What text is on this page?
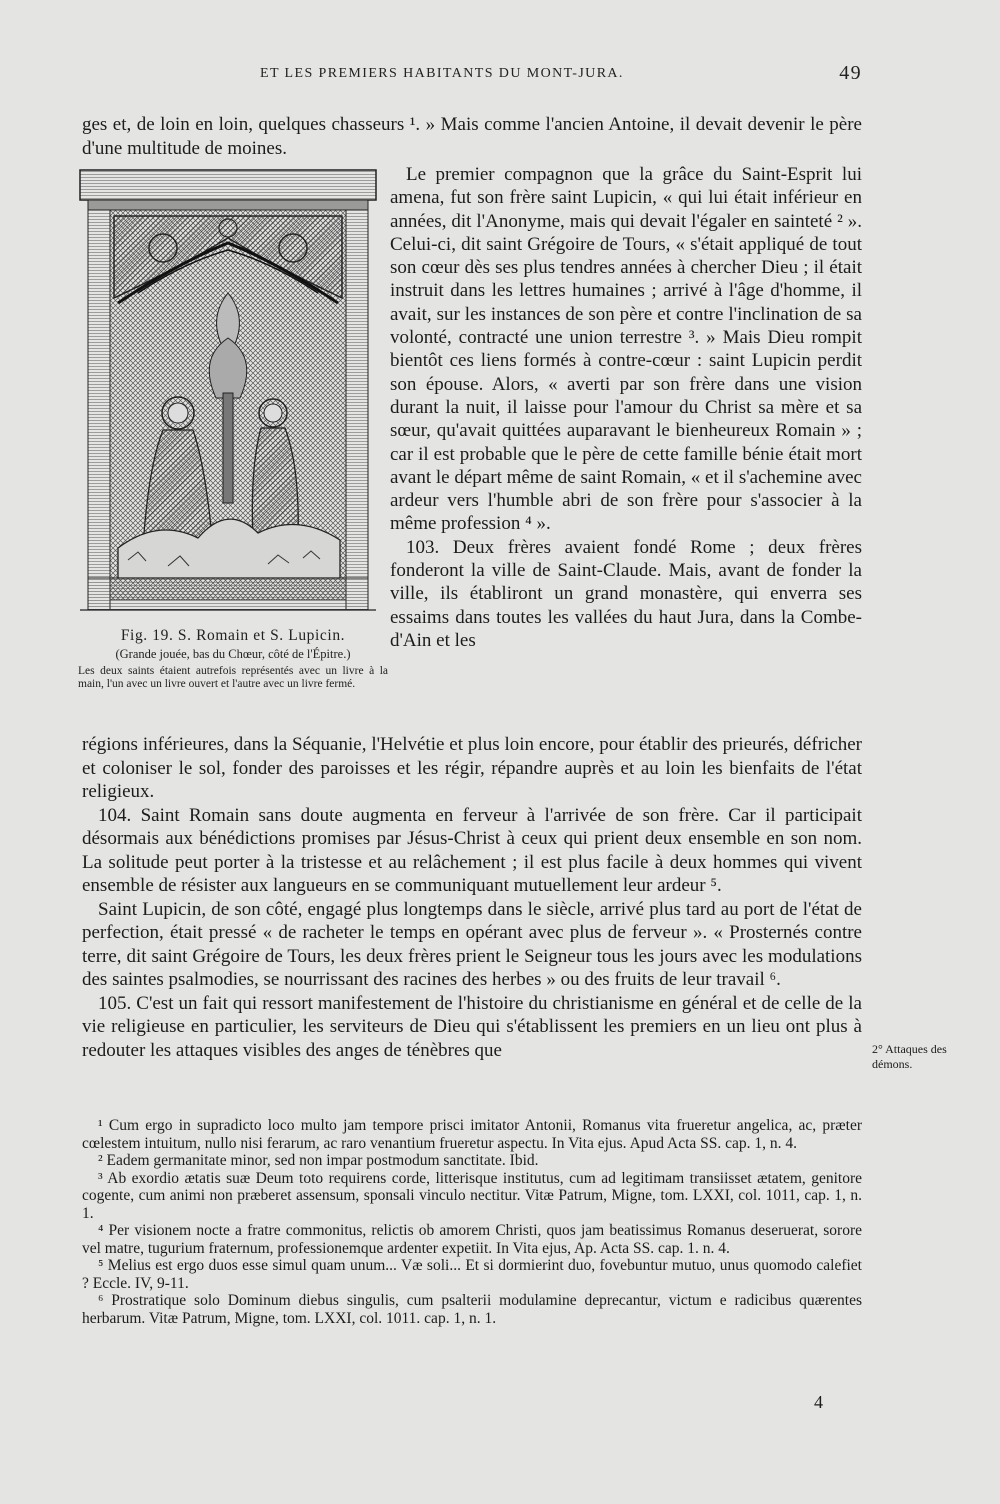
ET LES PREMIERS HABITANTS DU MONT-JURA.	49

ges et, de loin en loin, quelques chasseurs ¹. » Mais comme l'ancien Antoine, il devait devenir le père d'une multitude de moines.

Fig. 19. S. Romain et S. Lupicin.
(Grande jouée, bas du Chœur, côté de l'Épitre.)
Les deux saints étaient autrefois représentés avec un livre à la main, l'un avec un livre ouvert et l'autre avec un livre fermé.

Le premier compagnon que la grâce du Saint-Esprit lui amena, fut son frère saint Lupicin, « qui lui était inférieur en années, dit l'Anonyme, mais qui devait l'égaler en sainteté ² ». Celui-ci, dit saint Grégoire de Tours, « s'était appliqué de tout son cœur dès ses plus tendres années à chercher Dieu ; il était instruit dans les lettres humaines ; arrivé à l'âge d'homme, il avait, sur les instances de son père et contre l'inclination de sa volonté, contracté une union terrestre ³. » Mais Dieu rompit bientôt ces liens formés à contre-cœur : saint Lupicin perdit son épouse. Alors, « averti par son frère dans une vision durant la nuit, il laisse pour l'amour du Christ sa mère et sa sœur, qu'avait quittées auparavant le bienheureux Romain » ; car il est probable que le père de cette famille bénie était mort avant le départ même de saint Romain, « et il s'achemine avec ardeur vers l'humble abri de son frère pour s'associer à la même profession ⁴ ».

103. Deux frères avaient fondé Rome ; deux frères fonderont la ville de Saint-Claude. Mais, avant de fonder la ville, ils établiront un grand monastère, qui enverra ses essaims dans toutes les vallées du haut Jura, dans la Combe-d'Ain et les

régions inférieures, dans la Séquanie, l'Helvétie et plus loin encore, pour établir des prieurés, défricher et coloniser le sol, fonder des paroisses et les régir, répandre auprès et au loin les bienfaits de l'état religieux.

104. Saint Romain sans doute augmenta en ferveur à l'arrivée de son frère. Car il participait désormais aux bénédictions promises par Jésus-Christ à ceux qui prient deux ensemble en son nom. La solitude peut porter à la tristesse et au relâchement ; il est plus facile à deux hommes qui vivent ensemble de résister aux langueurs en se communiquant mutuellement leur ardeur ⁵.

Saint Lupicin, de son côté, engagé plus longtemps dans le siècle, arrivé plus tard au port de l'état de perfection, était pressé « de racheter le temps en opérant avec plus de ferveur ». « Prosternés contre terre, dit saint Grégoire de Tours, les deux frères prient le Seigneur tous les jours avec les modulations des saintes psalmodies, se nourrissant des racines des herbes » ou des fruits de leur travail ⁶.

105. C'est un fait qui ressort manifestement de l'histoire du christianisme en général et de celle de la vie religieuse en particulier, les serviteurs de Dieu qui s'établissent les premiers en un lieu ont plus à redouter les attaques visibles des anges de ténèbres que	2° Attaques des démons.

¹ Cum ergo in supradicto loco multo jam tempore prisci imitator Antonii, Romanus vita frueretur angelica, ac, præter cœlestem intuitum, nullo nisi ferarum, ac raro venantium frueretur aspectu. In Vita ejus. Apud Acta SS. cap. 1, n. 4.

² Eadem germanitate minor, sed non impar postmodum sanctitate. Ibid.

³ Ab exordio ætatis suæ Deum toto requirens corde, litterisque institutus, cum ad legitimam transiisset ætatem, genitore cogente, cum animi non præberet assensum, sponsali vinculo nectitur. Vitæ Patrum, Migne, tom. LXXI, col. 1011, cap. 1, n. 1.

⁴ Per visionem nocte a fratre commonitus, relictis ob amorem Christi, quos jam beatissimus Romanus deseruerat, sorore vel matre, tugurium fraternum, professionemque ardenter expetiit. In Vita ejus, Ap. Acta SS. cap. 1. n. 4.

⁵ Melius est ergo duos esse simul quam unum... Væ soli... Et si dormierint duo, fovebuntur mutuo, unus quomodo calefiet ? Eccle. IV, 9-11.

⁶ Prostratique solo Dominum diebus singulis, cum psalterii modulamine deprecantur, victum e radicibus quærentes herbarum. Vitæ Patrum, Migne, tom. LXXI, col. 1011. cap. 1, n. 1.

4
